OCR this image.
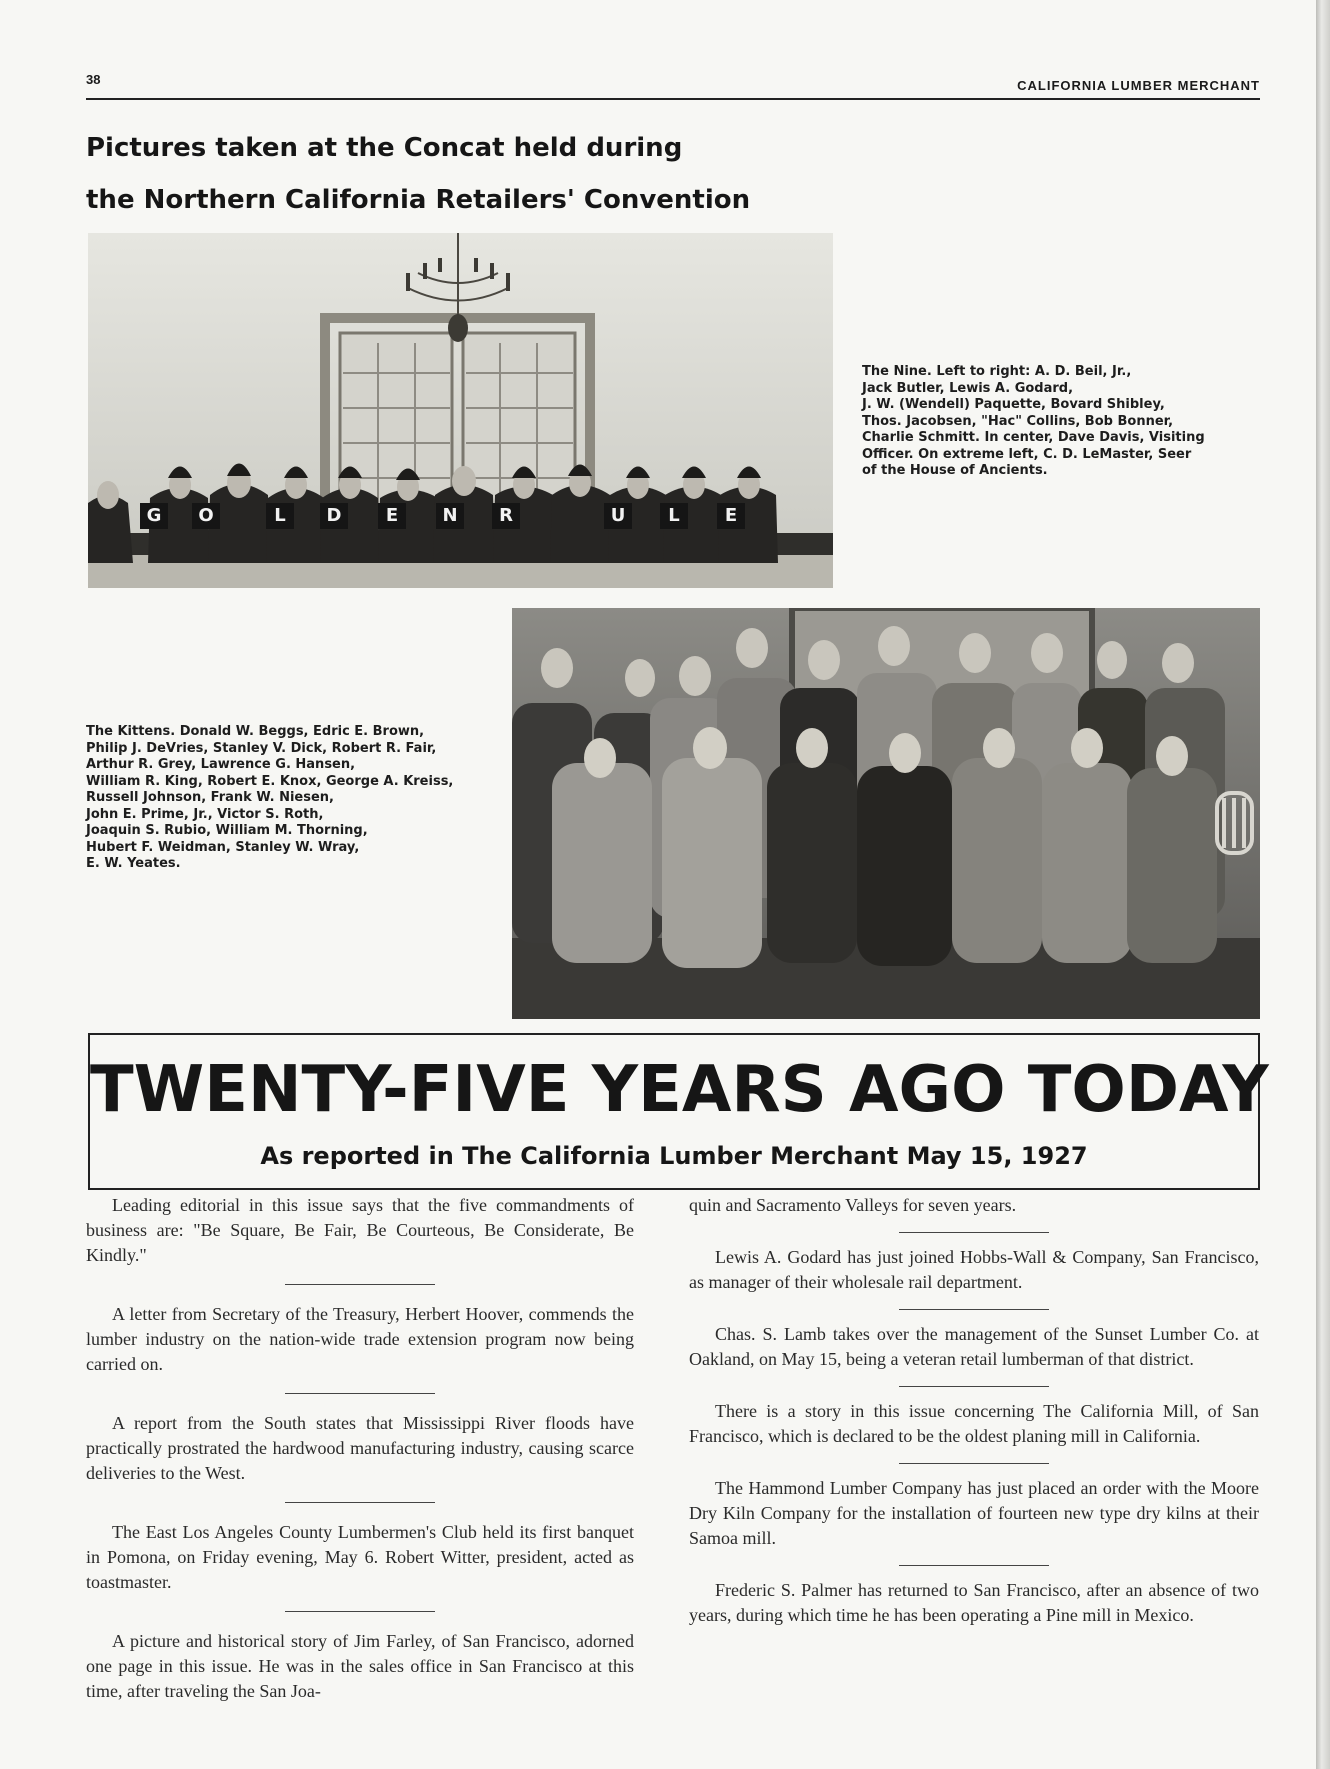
38	CALIFORNIA LUMBER MERCHANT
Pictures taken at the Concat held during
the Northern California Retailers' Convention
G	O	L	D	E	N	R	U	L	E
The Nine. Left to right: A. D. Beil, Jr.,
Jack Butler, Lewis A. Godard,
J. W. (Wendell) Paquette, Bovard Shibley,
Thos. Jacobsen, "Hac" Collins, Bob Bonner,
Charlie Schmitt. In center, Dave Davis, Visiting
Officer. On extreme left, C. D. LeMaster, Seer
of the House of Ancients.
The Kittens. Donald W. Beggs, Edric E. Brown,
Philip J. DeVries, Stanley V. Dick, Robert R. Fair,
Arthur R. Grey, Lawrence G. Hansen,
William R. King, Robert E. Knox, George A. Kreiss,
Russell Johnson, Frank W. Niesen,
John E. Prime, Jr., Victor S. Roth,
Joaquin S. Rubio, William M. Thorning,
Hubert F. Weidman, Stanley W. Wray,
E. W. Yeates.
TWENTY-FIVE YEARS AGO TODAY
As reported in The California Lumber Merchant May 15, 1927

Leading editorial in this issue says that the five commandments of business are: "Be Square, Be Fair, Be Courteous, Be Considerate, Be Kindly."

A letter from Secretary of the Treasury, Herbert Hoover, commends the lumber industry on the nation-wide trade extension program now being carried on.

A report from the South states that Mississippi River floods have practically prostrated the hardwood manufacturing industry, causing scarce deliveries to the West.

The East Los Angeles County Lumbermen's Club held its first banquet in Pomona, on Friday evening, May 6. Robert Witter, president, acted as toastmaster.

A picture and historical story of Jim Farley, of San Francisco, adorned one page in this issue. He was in the sales office in San Francisco at this time, after traveling the San Joa-

quin and Sacramento Valleys for seven years.

Lewis A. Godard has just joined Hobbs-Wall & Company, San Francisco, as manager of their wholesale rail department.

Chas. S. Lamb takes over the management of the Sunset Lumber Co. at Oakland, on May 15, being a veteran retail lumberman of that district.

There is a story in this issue concerning The California Mill, of San Francisco, which is declared to be the oldest planing mill in California.

The Hammond Lumber Company has just placed an order with the Moore Dry Kiln Company for the installation of fourteen new type dry kilns at their Samoa mill.

Frederic S. Palmer has returned to San Francisco, after an absence of two years, during which time he has been operating a Pine mill in Mexico.
